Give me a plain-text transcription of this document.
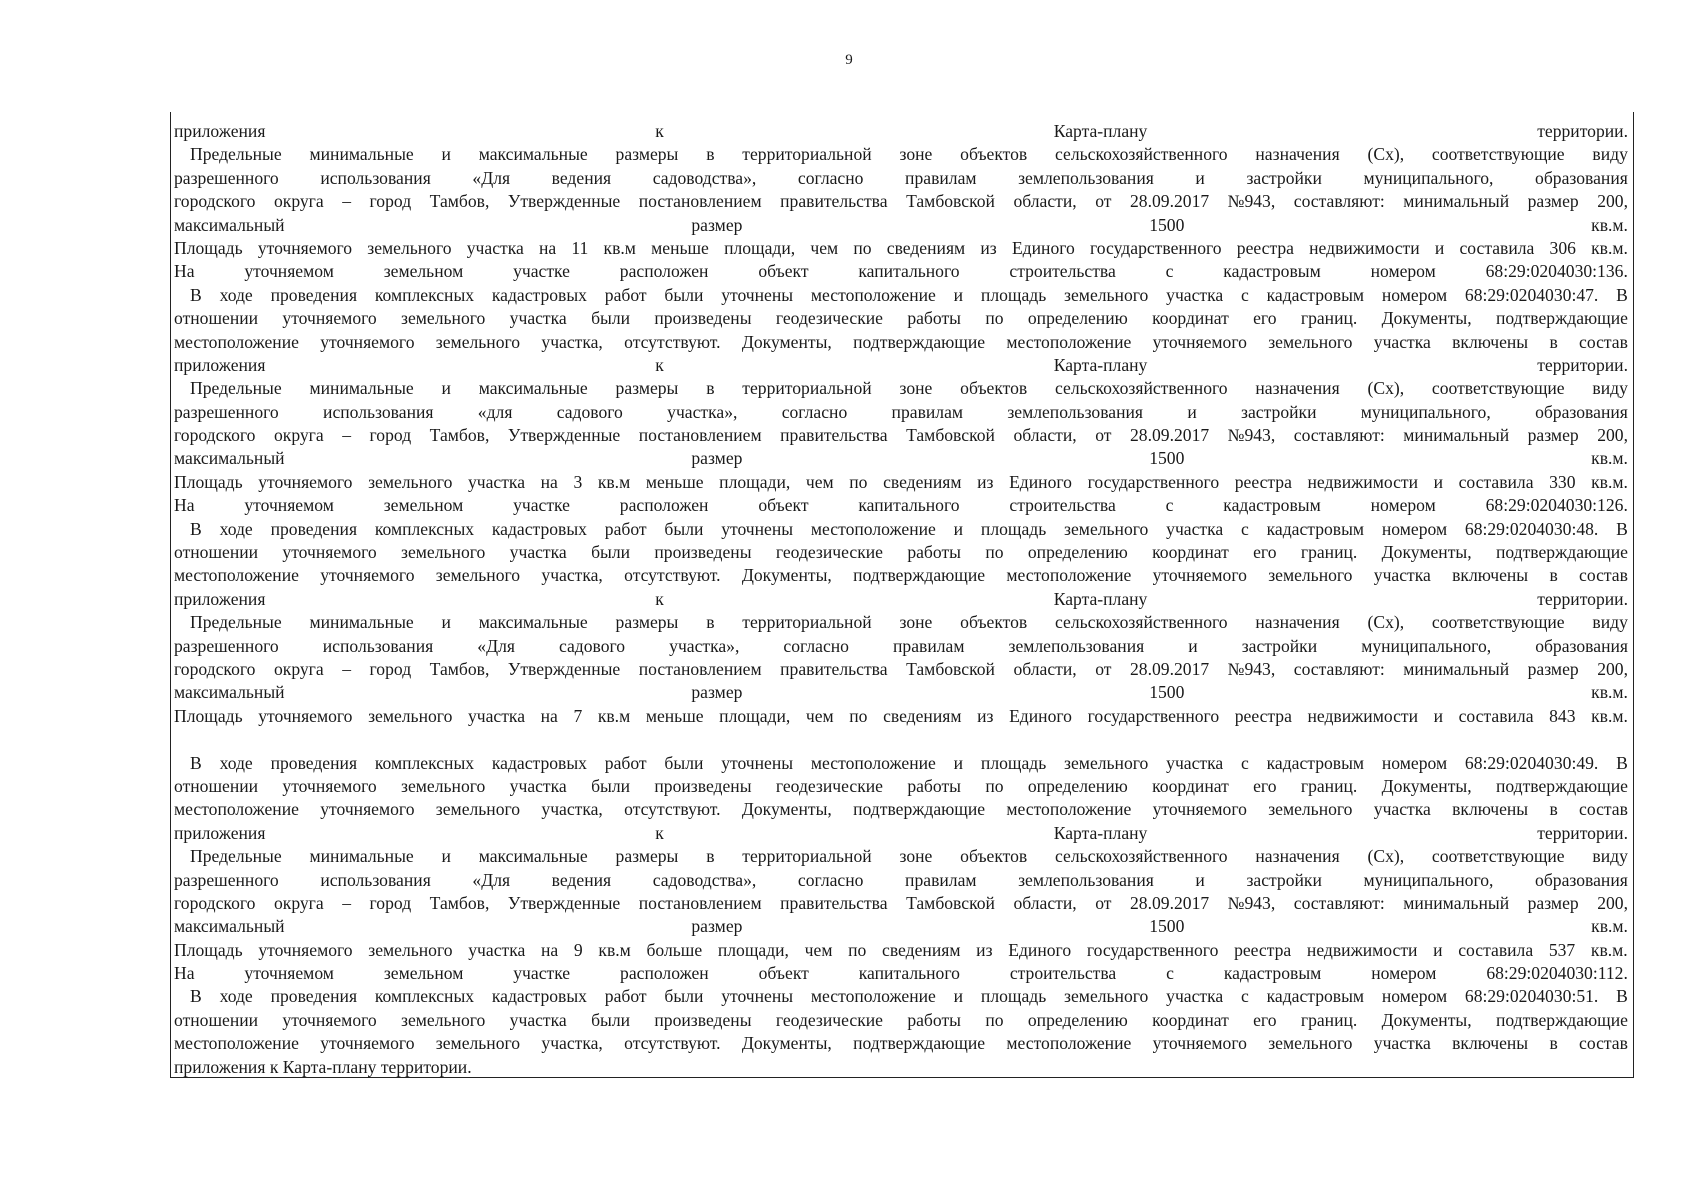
9
приложения	к	Карта-плану	территории.
Предельные минимальные и максимальные размеры в территориальной зоне объектов сельскохозяйственного назначения (Сх), соответствующие виду
разрешенного использования «Для ведения садоводства», согласно правилам землепользования и застройки муниципального, образования
городского округа – город Тамбов, Утвержденные постановлением правительства Тамбовской области, от 28.09.2017 №943, составляют: минимальный размер 200,
максимальный	размер	1500	кв.м.
Площадь уточняемого земельного участка на 11 кв.м меньше площади, чем по сведениям из Единого государственного реестра недвижимости и составила 306 кв.м.
На	уточняемом	земельном	участке	расположен	объект	капитального	строительства	с	кадастровым	номером	68:29:0204030:136.
В ходе проведения комплексных кадастровых работ были уточнены местоположение и площадь земельного участка с кадастровым номером 68:29:0204030:47. В
отношении уточняемого земельного участка были произведены геодезические работы по определению координат его границ. Документы, подтверждающие
местоположение уточняемого земельного участка, отсутствуют. Документы, подтверждающие местоположение уточняемого земельного участка включены в состав
приложения	к	Карта-плану	территории.
Предельные минимальные и максимальные размеры в территориальной зоне объектов сельскохозяйственного назначения (Сх), соответствующие виду
разрешенного	использования	«для	садового	участка»,	согласно	правилам	землепользования	и	застройки	муниципального,	образования
городского округа – город Тамбов, Утвержденные постановлением правительства Тамбовской области, от 28.09.2017 №943, составляют: минимальный размер 200,
максимальный	размер	1500	кв.м.
Площадь уточняемого земельного участка на 3 кв.м меньше площади, чем по сведениям из Единого государственного реестра недвижимости и составила 330 кв.м.
На	уточняемом	земельном	участке	расположен	объект	капитального	строительства	с	кадастровым	номером	68:29:0204030:126.
В ходе проведения комплексных кадастровых работ были уточнены местоположение и площадь земельного участка с кадастровым номером 68:29:0204030:48. В
отношении уточняемого земельного участка были произведены геодезические работы по определению координат его границ. Документы, подтверждающие
местоположение уточняемого земельного участка, отсутствуют. Документы, подтверждающие местоположение уточняемого земельного участка включены в состав
приложения	к	Карта-плану	территории.
Предельные минимальные и максимальные размеры в территориальной зоне объектов сельскохозяйственного назначения (Сх), соответствующие виду
разрешенного	использования	«Для	садового	участка»,	согласно	правилам	землепользования	и	застройки	муниципального,	образования
городского округа – город Тамбов, Утвержденные постановлением правительства Тамбовской области, от 28.09.2017 №943, составляют: минимальный размер 200,
максимальный	размер	1500	кв.м.
Площадь уточняемого земельного участка на 7 кв.м меньше площади, чем по сведениям из Единого государственного реестра недвижимости и составила 843 кв.м.
В ходе проведения комплексных кадастровых работ были уточнены местоположение и площадь земельного участка с кадастровым номером 68:29:0204030:49. В
отношении уточняемого земельного участка были произведены геодезические работы по определению координат его границ. Документы, подтверждающие
местоположение уточняемого земельного участка, отсутствуют. Документы, подтверждающие местоположение уточняемого земельного участка включены в состав
приложения	к	Карта-плану	территории.
Предельные минимальные и максимальные размеры в территориальной зоне объектов сельскохозяйственного назначения (Сх), соответствующие виду
разрешенного использования «Для ведения садоводства», согласно правилам землепользования и застройки муниципального, образования
городского округа – город Тамбов, Утвержденные постановлением правительства Тамбовской области, от 28.09.2017 №943, составляют: минимальный размер 200,
максимальный	размер	1500	кв.м.
Площадь уточняемого земельного участка на 9 кв.м больше площади, чем по сведениям из Единого государственного реестра недвижимости и составила 537 кв.м.
На	уточняемом	земельном	участке	расположен	объект	капитального	строительства	с	кадастровым	номером	68:29:0204030:112.
В ходе проведения комплексных кадастровых работ были уточнены местоположение и площадь земельного участка с кадастровым номером 68:29:0204030:51. В
отношении уточняемого земельного участка были произведены геодезические работы по определению координат его границ. Документы, подтверждающие
местоположение уточняемого земельного участка, отсутствуют. Документы, подтверждающие местоположение уточняемого земельного участка включены в состав
приложения к Карта-плану территории.
